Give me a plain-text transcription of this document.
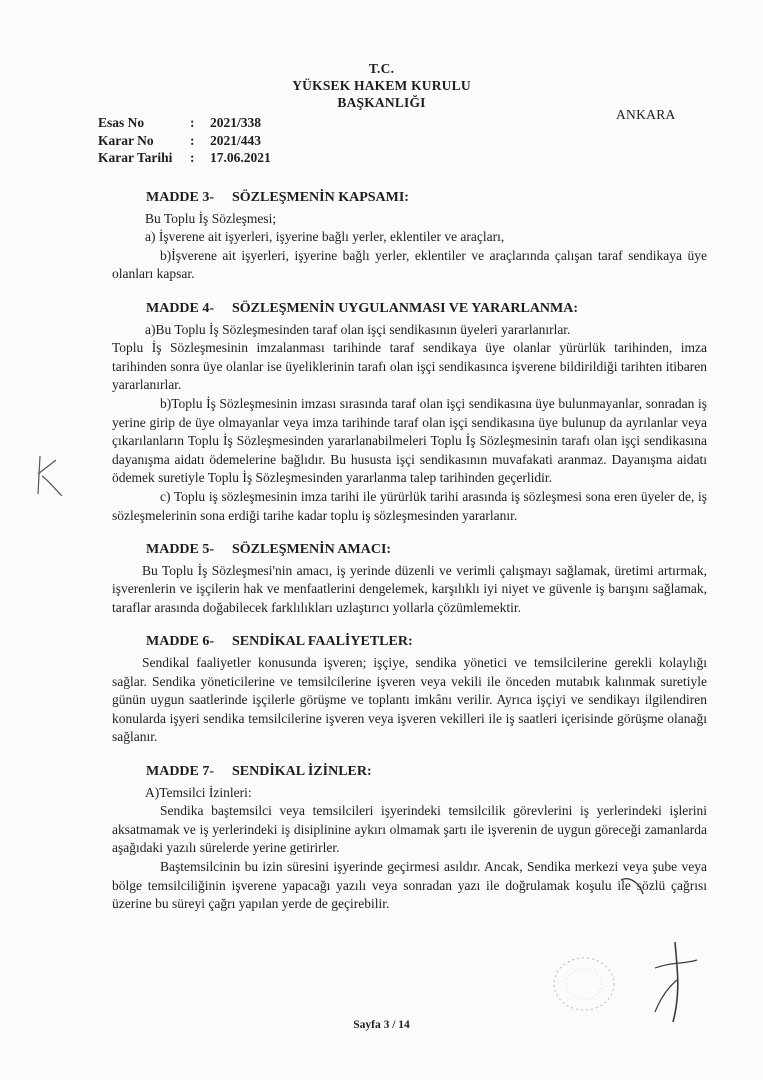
T.C.
YÜKSEK HAKEM KURULU
BAŞKANLIĞI
ANKARA
Esas No	: 2021/338
Karar No	: 2021/443
Karar Tarihi : 17.06.2021
MADDE 3- SÖZLEŞMENİN KAPSAMI:

Bu Toplu İş Sözleşmesi;

a) İşverene ait işyerleri, işyerine bağlı yerler, eklentiler ve araçları,

b)İşverene ait işyerleri, işyerine bağlı yerler, eklentiler ve araçlarında çalışan taraf sendikaya üye olanları kapsar.

MADDE 4- SÖZLEŞMENİN UYGULANMASI VE YARARLANMA:

a)Bu Toplu İş Sözleşmesinden taraf olan işçi sendikasının üyeleri yararlanırlar.

Toplu İş Sözleşmesinin imzalanması tarihinde taraf sendikaya üye olanlar yürürlük tarihinden, imza tarihinden sonra üye olanlar ise üyeliklerinin tarafı olan işçi sendikasınca işverene bildirildiği tarihten itibaren yararlanırlar.

b)Toplu İş Sözleşmesinin imzası sırasında taraf olan işçi sendikasına üye bulunmayanlar, sonradan iş yerine girip de üye olmayanlar veya imza tarihinde taraf olan işçi sendikasına üye bulunup da ayrılanlar veya çıkarılanların Toplu İş Sözleşmesinden yararlanabilmeleri Toplu İş Sözleşmesinin tarafı olan işçi sendikasına dayanışma aidatı ödemelerine bağlıdır. Bu hususta işçi sendikasının muvafakati aranmaz. Dayanışma aidatı ödemek suretiyle Toplu İş Sözleşmesinden yararlanma talep tarihinden geçerlidir.

c) Toplu iş sözleşmesinin imza tarihi ile yürürlük tarihi arasında iş sözleşmesi sona eren üyeler de, iş sözleşmelerinin sona erdiği tarihe kadar toplu iş sözleşmesinden yararlanır.

MADDE 5- SÖZLEŞMENİN AMACI:

Bu Toplu İş Sözleşmesi'nin amacı, iş yerinde düzenli ve verimli çalışmayı sağlamak, üretimi artırmak, işverenlerin ve işçilerin hak ve menfaatlerini dengelemek, karşılıklı iyi niyet ve güvenle iş barışını sağlamak, taraflar arasında doğabilecek farklılıkları uzlaştırıcı yollarla çözümlemektir.

MADDE 6- SENDİKAL FAALİYETLER:

Sendikal faaliyetler konusunda işveren; işçiye, sendika yönetici ve temsilcilerine gerekli kolaylığı sağlar. Sendika yöneticilerine ve temsilcilerine işveren veya vekili ile önceden mutabık kalınmak suretiyle günün uygun saatlerinde işçilerle görüşme ve toplantı imkânı verilir. Ayrıca işçiyi ve sendikayı ilgilendiren konularda işyeri sendika temsilcilerine işveren veya işveren vekilleri ile iş saatleri içerisinde görüşme olanağı sağlanır.

MADDE 7- SENDİKAL İZİNLER:

A)Temsilci İzinleri:

Sendika baştemsilci veya temsilcileri işyerindeki temsilcilik görevlerini iş yerlerindeki işlerini aksatmamak ve iş yerlerindeki iş disiplinine aykırı olmamak şartı ile işverenin de uygun göreceği zamanlarda aşağıdaki yazılı sürelerde yerine getirirler.

Baştemsilcinin bu izin süresini işyerinde geçirmesi asıldır. Ancak, Sendika merkezi veya şube veya bölge temsilciliğinin işverene yapacağı yazılı veya sonradan yazı ile doğrulamak koşulu ile sözlü çağrısı üzerine bu süreyi çağrı yapılan yerde de geçirebilir.

Sayfa 3 / 14
